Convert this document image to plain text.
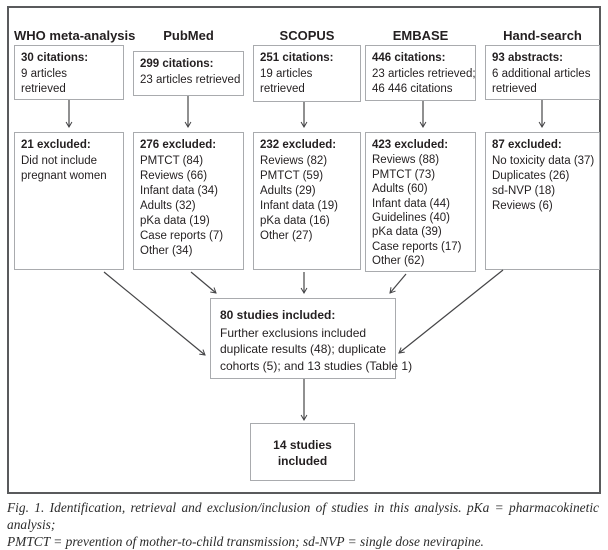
WHO meta-analysis	PubMed	SCOPUS	EMBASE	Hand-search
30 citations:
9 articles
retrieved
299 citations:
23 articles retrieved
251 citations:
19 articles
retrieved
446 citations:
23 articles retrieved;
46 446 citations
93 abstracts:
6 additional articles
retrieved
21 excluded:
Did not include
pregnant women
276 excluded:
PMTCT (84)
Reviews (66)
Infant data (34)
Adults (32)
pKa data (19)
Case reports (7)
Other (34)
232 excluded:
Reviews (82)
PMTCT (59)
Adults (29)
Infant data (19)
pKa data (16)
Other (27)
423 excluded:
Reviews (88)
PMTCT (73)
Adults (60)
Infant data (44)
Guidelines (40)
pKa data (39)
Case reports (17)
Other (62)
87 excluded:
No toxicity data (37)
Duplicates (26)
sd-NVP (18)
Reviews (6)
80 studies included:
Further exclusions included
duplicate results (48); duplicate
cohorts (5); and 13 studies (Table 1)
14 studies
included
Fig. 1. Identification, retrieval and exclusion/inclusion of studies in this analysis. pKa = pharmacokinetic analysis;
PMTCT = prevention of mother-to-child transmission; sd-NVP = single dose nevirapine.
